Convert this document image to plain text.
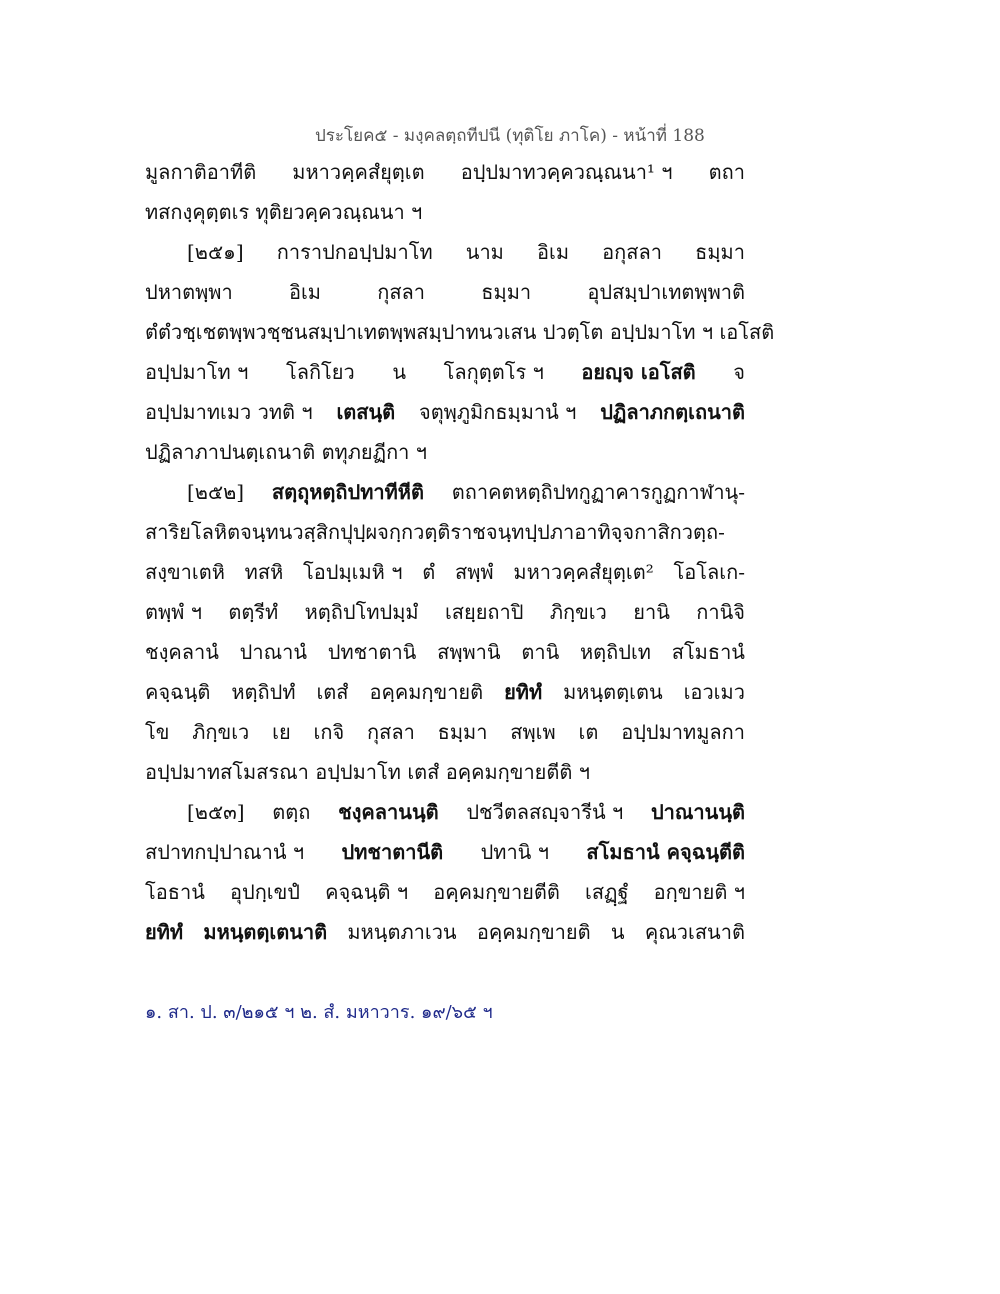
ประโยค๕ - มงฺคลตฺถทีปนี (ทุติโย ภาโค) - หน้าที่ 188
มูลกาติอาทีติ มหาวคฺคสํยุตฺเต อปฺปมาทวคฺควณฺณนา¹ ฯ ตถา
ทสกงฺคุตฺตเร ทุติยวคฺควณฺณนา ฯ
[๒๕๑] การาปกอปฺปมาโท นาม อิเม อกุสลา ธมฺมา
ปหาตพฺพา	อิเม	กุสลา	ธมฺมา	อุปสมฺปาเทตพฺพาติ
ตํตํวชฺเชตพฺพวชฺชนสมฺปาเทตพฺพสมฺปาทนวเสน ปวตฺโต อปฺปมาโท ฯ เอโสติ
อปฺปมาโท ฯ โลกิโยว น โลกุตฺตโร ฯ อยญฺจ เอโสติ จ
อปฺปมาทเมว วทติ ฯ เตสนฺติ จตุพฺภูมิกธมฺมานํ ฯ ปฏิลาภกตฺเถนาติ
ปฏิลาภาปนตฺเถนาติ ตทุภยฏีกา ฯ
[๒๕๒] สตฺถุหตฺถิปทาทีหีติ ตถาคตหตฺถิปทกูฏาคารกูฏกาฬานุ-
สาริยโลหิตจนฺทนวสฺสิกปุปฺผจกฺกวตฺติราชจนฺทปฺปภาอาทิจฺจกาสิกวตฺถ-
สงฺขาเตหิ ทสหิ โอปมฺเมหิ ฯ ตํ สพฺพํ มหาวคฺคสํยุตฺเต² โอโลเก-
ตพฺพํ ฯ ตตฺรีทํ หตฺถิปโทปมฺมํ เสยฺยถาปิ ภิกฺขเว ยานิ กานิจิ
ชงฺคลานํ ปาณานํ ปทชาตานิ สพฺพานิ ตานิ หตฺถิปเท สโมธานํ
คจฺฉนฺติ หตฺถิปทํ เตสํ อคฺคมกฺขายติ ยทิทํ มหนฺตตฺเตน เอวเมว
โข ภิกฺขเว เย เกจิ กุสลา ธมฺมา สพฺเพ เต อปฺปมาทมูลกา
อปฺปมาทสโมสรณา อปฺปมาโท เตสํ อคฺคมกฺขายตีติ ฯ
[๒๕๓] ตตฺถ ชงฺคลานนฺติ ปชวีตลสญฺจารีนํ ฯ ปาณานนฺติ
สปาทกปฺปาณานํ ฯ ปทชาตานีติ ปทานิ ฯ สโมธานํ คจฺฉนฺตีติ
โอธานํ อุปกฺเขปํ คจฺฉนฺติ ฯ อคฺคมกฺขายตีติ เสฏฺฐํ อกฺขายติ ฯ
ยทิทํ มหนฺตตฺเตนาติ มหนฺตภาเวน อคฺคมกฺขายติ น คุณวเสนาติ
๑. สา. ป. ๓/๒๑๕ ฯ ๒. สํ. มหาวาร. ๑๙/๖๕ ฯ
